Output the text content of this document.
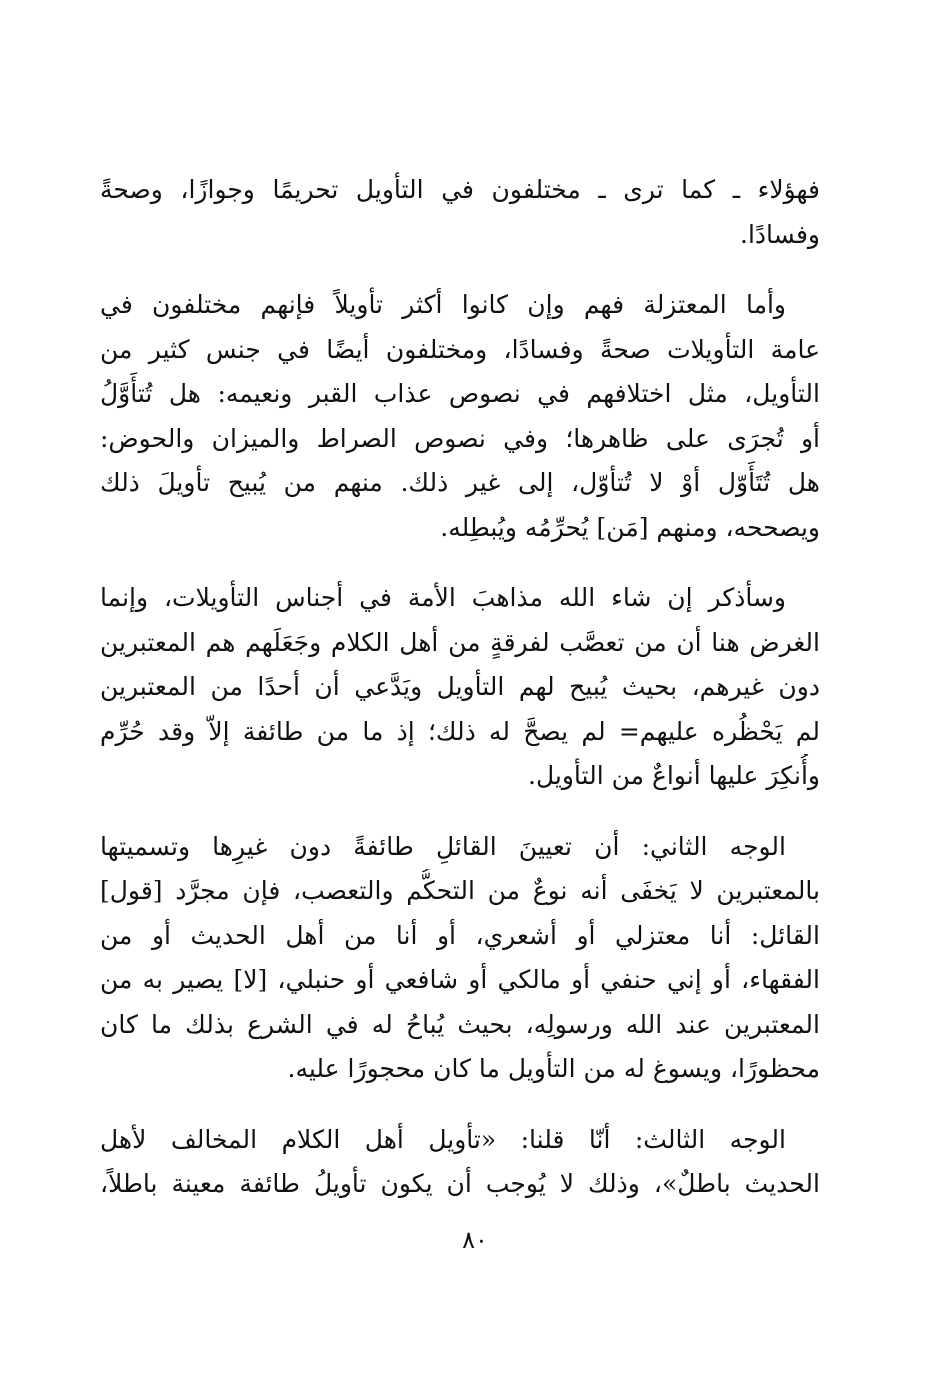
فهؤلاء ـ كما ترى ـ مختلفون في التأويل تحريمًا وجوازًا، وصحةً
وفسادًا.

وأما المعتزلة فهم وإن كانوا أكثر تأويلاً فإنهم مختلفون في
عامة التأويلات صحةً وفسادًا، ومختلفون أيضًا في جنس كثير من
التأويل، مثل اختلافهم في نصوص عذاب القبر ونعيمه: هل تُتأَوَّلُ
أو تُجرَى على ظاهرها؛ وفي نصوص الصراط والميزان والحوض:
هل تُتَأَوّل أوْ لا تُتأوّل، إلى غير ذلك. منهم من يُبيح تأويلَ ذلك
ويصححه، ومنهم [مَن] يُحرِّمُه ويُبطِله.

وسأذكر إن شاء الله مذاهبَ الأمة في أجناس التأويلات، وإنما
الغرض هنا أن من تعصَّب لفرقةٍ من أهل الكلام وجَعَلَهم هم المعتبرين
دون غيرهم، بحيث يُبيح لهم التأويل ويَدَّعي أن أحدًا من المعتبرين
لم يَحْظُره عليهم= لم يصحَّ له ذلك؛ إذ ما من طائفة إلاّ وقد حُرِّم
وأُنكِرَ عليها أنواعٌ من التأويل.

الوجه الثاني: أن تعيينَ القائلِ طائفةً دون غيرِها وتسميتها
بالمعتبرين لا يَخفَى أنه نوعٌ من التحكُّم والتعصب، فإن مجرَّد [قول]
القائل: أنا معتزلي أو أشعري، أو أنا من أهل الحديث أو من
الفقهاء، أو إني حنفي أو مالكي أو شافعي أو حنبلي، [لا] يصير به من
المعتبرين عند الله ورسولِه، بحيث يُباحُ له في الشرع بذلك ما كان
محظورًا، ويسوغ له من التأويل ما كان محجورًا عليه.

الوجه الثالث: أنّا قلنا: «تأويل أهل الكلام المخالف لأهل
الحديث باطلٌ»، وذلك لا يُوجب أن يكون تأويلُ طائفة معينة باطلاً،

٨٠
